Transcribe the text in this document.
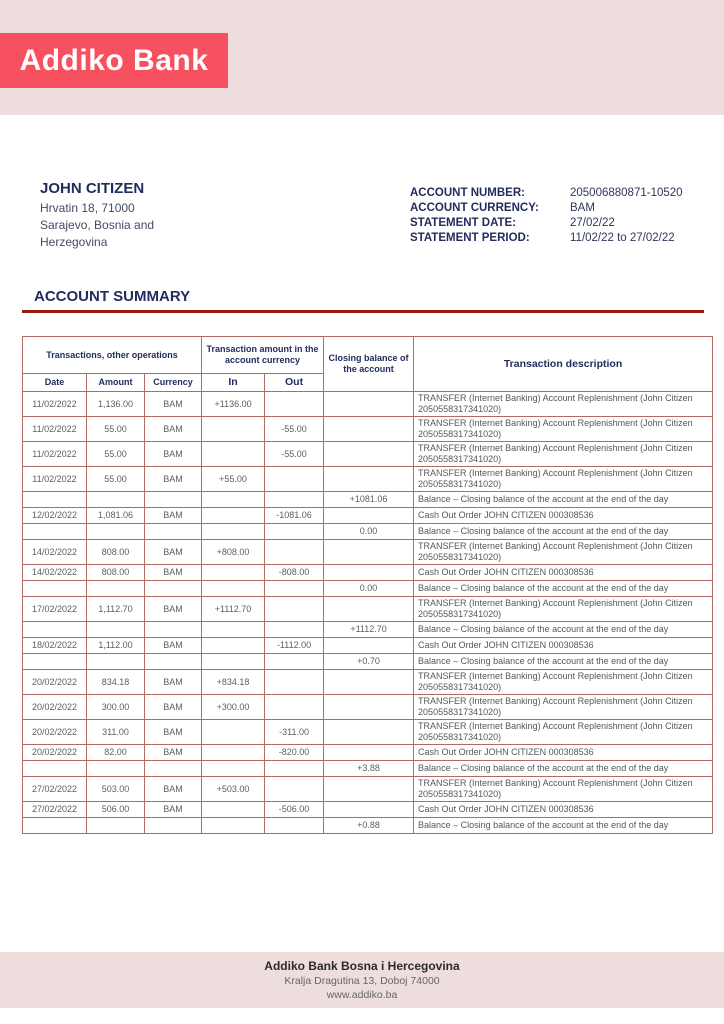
Addiko Bank
JOHN CITIZEN
Hrvatin 18, 71000
Sarajevo, Bosnia and
Herzegovina
ACCOUNT NUMBER:	205006880871-10520
ACCOUNT CURRENCY:	BAM
STATEMENT DATE:	27/02/22
STATEMENT PERIOD:	11/02/22 to 27/02/22
ACCOUNT SUMMARY
Transactions, other operations			Transaction amount in the account currency		Closing balance of the account	Transaction description
Date	Amount	Currency	In	Out		
11/02/2022	1,136.00	BAM	+1136.00			TRANSFER (Internet Banking) Account Replenishment (John Citizen 2050558317341020)
11/02/2022	55.00	BAM		-55.00		TRANSFER (Internet Banking) Account Replenishment (John Citizen 2050558317341020)
11/02/2022	55.00	BAM		-55.00		TRANSFER (Internet Banking) Account Replenishment (John Citizen 2050558317341020)
11/02/2022	55.00	BAM	+55.00			TRANSFER (Internet Banking) Account Replenishment (John Citizen 2050558317341020)
					+1081.06	Balance – Closing balance of the account at the end of the day
12/02/2022	1,081.06	BAM		-1081.06		Cash Out Order JOHN CITIZEN 000308536
					0.00	Balance – Closing balance of the account at the end of the day
14/02/2022	808.00	BAM	+808.00			TRANSFER (Internet Banking) Account Replenishment (John Citizen 2050558317341020)
14/02/2022	808.00	BAM		-808.00		Cash Out Order JOHN CITIZEN 000308536
					0.00	Balance – Closing balance of the account at the end of the day
17/02/2022	1,112.70	BAM	+1112.70			TRANSFER (Internet Banking) Account Replenishment (John Citizen 2050558317341020)
					+1112.70	Balance – Closing balance of the account at the end of the day
18/02/2022	1,112.00	BAM		-1112.00		Cash Out Order JOHN CITIZEN 000308536
					+0.70	Balance – Closing balance of the account at the end of the day
20/02/2022	834.18	BAM	+834.18			TRANSFER (Internet Banking) Account Replenishment (John Citizen 2050558317341020)
20/02/2022	300.00	BAM	+300.00			TRANSFER (Internet Banking) Account Replenishment (John Citizen 2050558317341020)
20/02/2022	311.00	BAM		-311.00		TRANSFER (Internet Banking) Account Replenishment (John Citizen 2050558317341020)
20/02/2022	82.00	BAM		-820.00		Cash Out Order JOHN CITIZEN 000308536
					+3.88	Balance – Closing balance of the account at the end of the day
27/02/2022	503.00	BAM	+503.00			TRANSFER (Internet Banking) Account Replenishment (John Citizen 2050558317341020)
27/02/2022	506.00	BAM		-506.00		Cash Out Order JOHN CITIZEN 000308536
					+0.88	Balance – Closing balance of the account at the end of the day
Addiko Bank Bosna i Hercegovina
Kralja Dragutina 13, Doboj 74000
www.addiko.ba
